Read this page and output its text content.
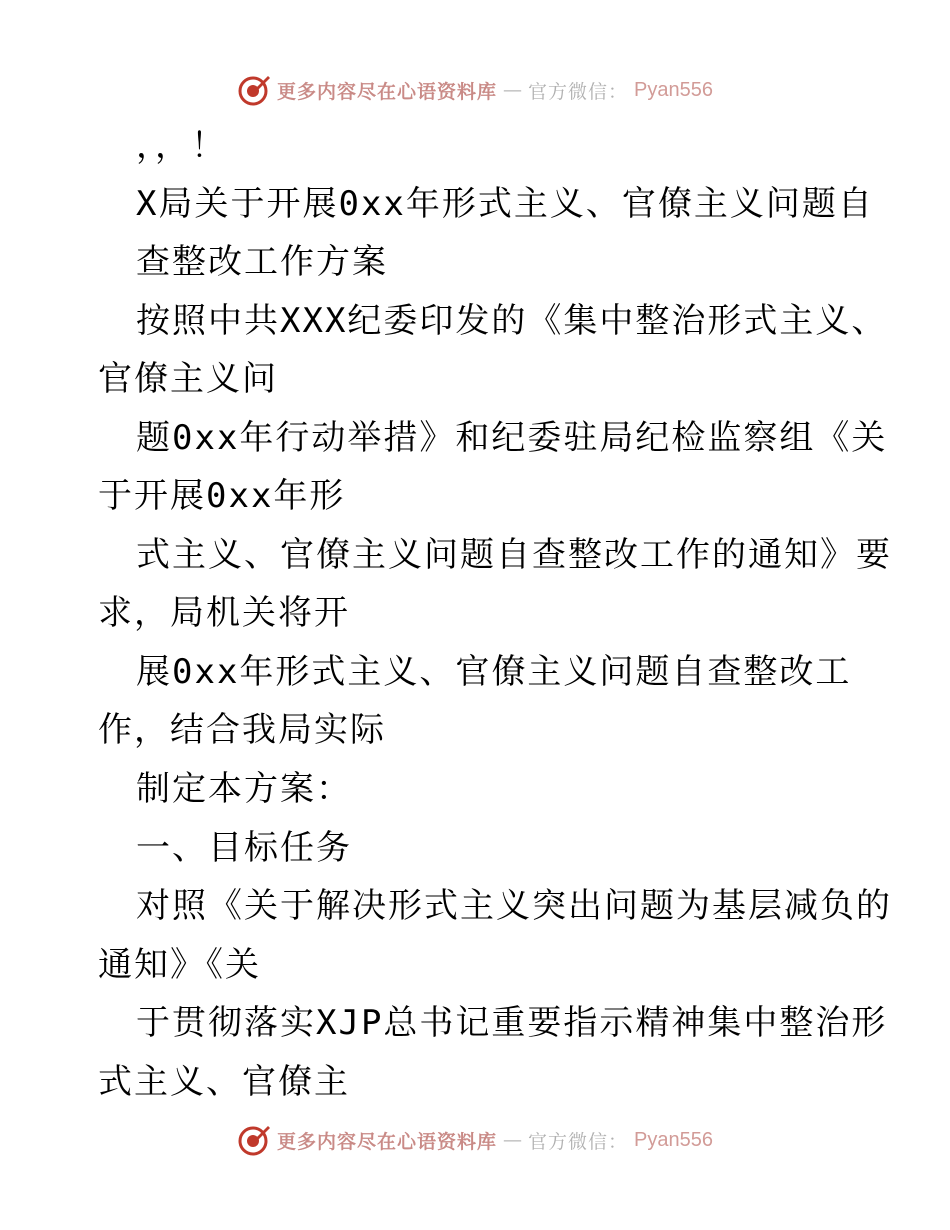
更多内容尽在心语资料库 — 官方微信： Pyan556
，，！
X局关于开展0xx年形式主义、官僚主义问题自
查整改工作方案
按照中共XXX纪委印发的《集中整治形式主义、
官僚主义问
题0xx年行动举措》和纪委驻局纪检监察组《关
于开展0xx年形
式主义、官僚主义问题自查整改工作的通知》要
求，局机关将开
展0xx年形式主义、官僚主义问题自查整改工
作，结合我局实际
制定本方案：
一、目标任务
对照《关于解决形式主义突出问题为基层减负的
通知》《关
于贯彻落实XJP总书记重要指示精神集中整治形
式主义、官僚主
更多内容尽在心语资料库 — 官方微信： Pyan556
